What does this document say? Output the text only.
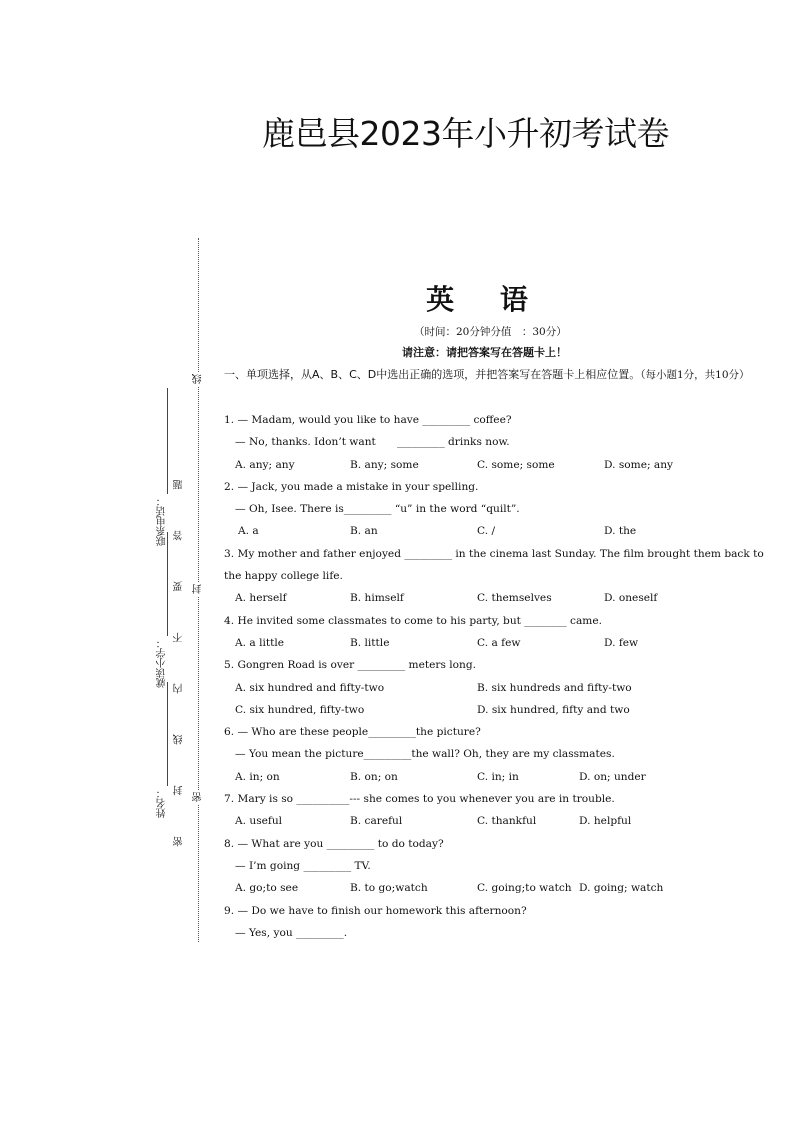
鹿邑县2023年小升初考试卷
英 语
（时间：20分钟分值　：30分）
请注意：请把答案写在答题卡上！
一、单项选择，从A、B、C、D中选出正确的选项，并把答案写在答题卡上相应位置。（每小题1分，共10分）
1. — Madam, would you like to have _________ coffee?
— No, thanks. Idon’t want　　_________ drinks now.
A. any; any	B. any; some	C. some; some	D. some; any
2. — Jack, you made a mistake in your spelling.
— Oh, Isee. There is_________ “u” in the word “quilt”.
A. a	B. an	C. /	D. the
3. My mother and father enjoyed _________ in the cinema last Sunday. The film brought them back to
the happy college life.
A. herself	B. himself	C. themselves	D. oneself
4. He invited some classmates to come to his party, but ________ came.
A. a little	B. little	C. a few	D. few
5. Gongren Road is over _________ meters long.
A. six hundred and fifty-two	B. six hundreds and fifty-two
C. six hundred, fifty-two	D. six hundred, fifty and two
6. — Who are these people_________the picture?
— You mean the picture_________the wall? Oh, they are my classmates.
A. in; on	B. on; on	C. in; in	D. on; under
7. Mary is so __________--- she comes to you whenever you are in trouble.
A. useful	B. careful	C. thankful	D. helpful
8. — What are you _________ to do today?
— I’m going _________ TV.
A. go;to see	B. to go;watch	C. going;to watch D. going; watch
9. — Do we have to finish our homework this afternoon?
— Yes, you _________.
联系电话：
就读小学：
姓名： 密　封　线　内　不　要　答　题
线
封
密
